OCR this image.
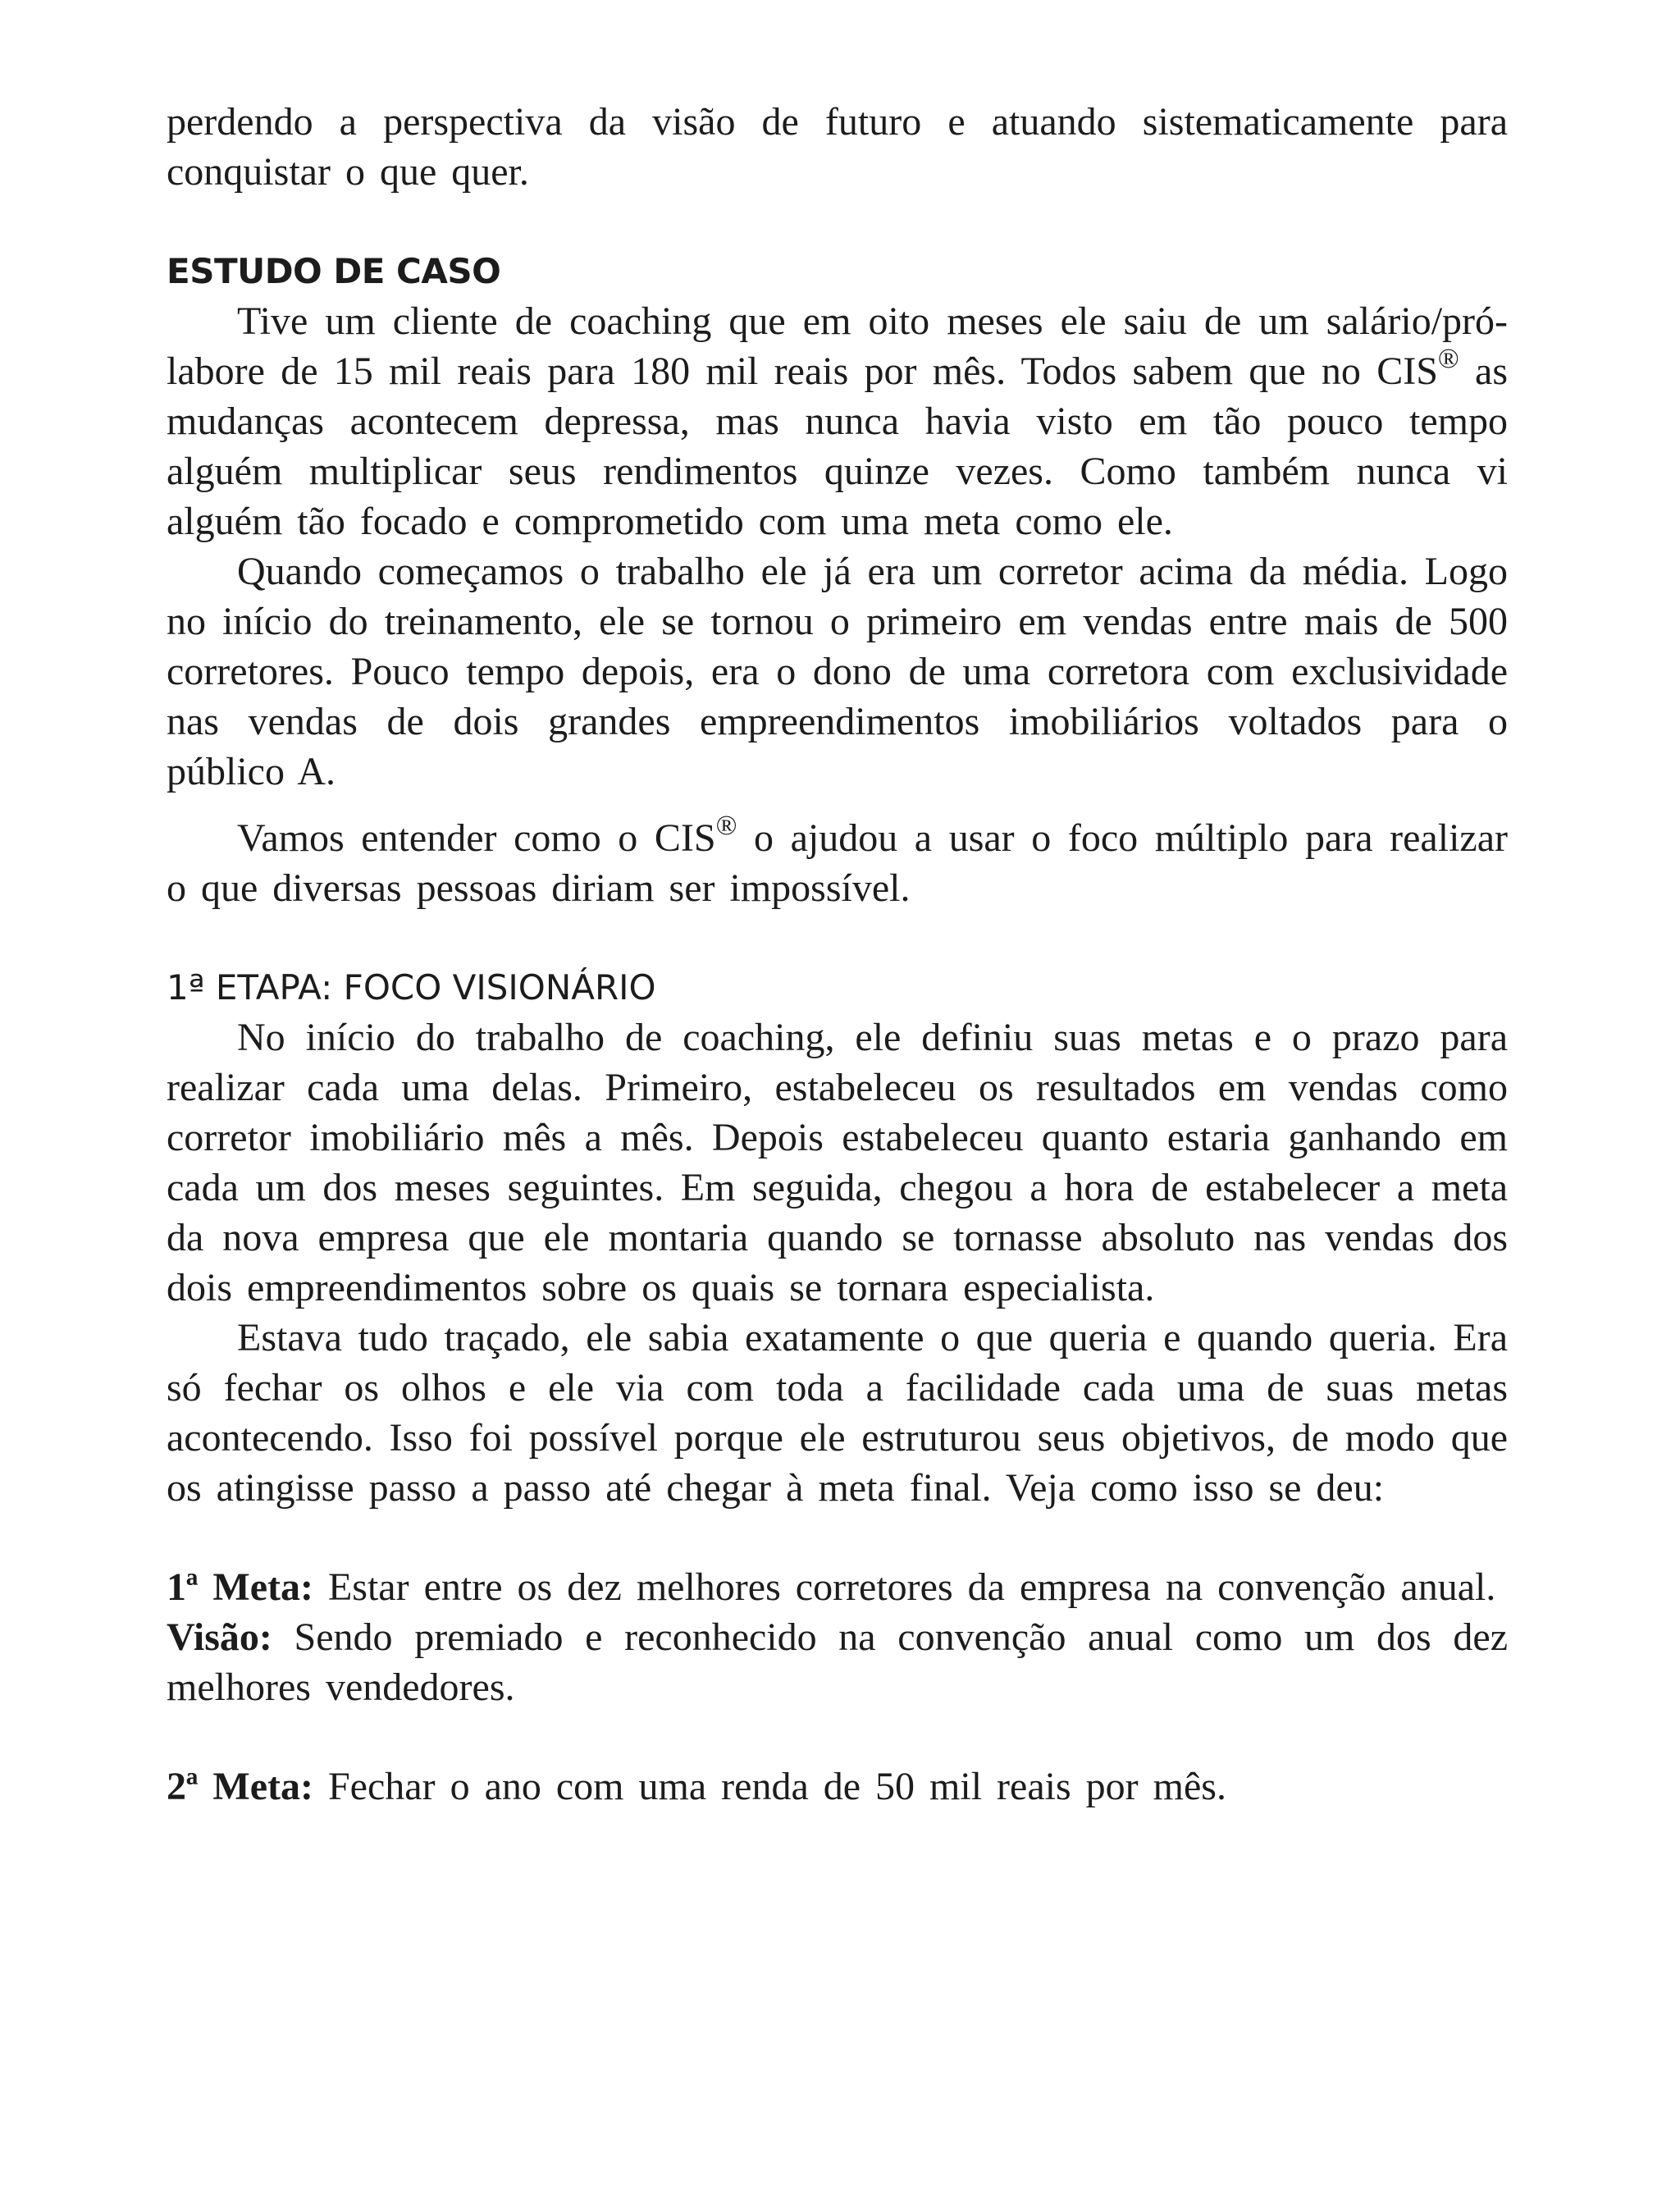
perdendo a perspectiva da visão de futuro e atuando sistematicamente para conquistar o que quer.

ESTUDO DE CASO

Tive um cliente de coaching que em oito meses ele saiu de um salário/pró-labore de 15 mil reais para 180 mil reais por mês. Todos sabem que no CIS® as mudanças acontecem depressa, mas nunca havia visto em tão pouco tempo alguém multiplicar seus rendimentos quinze vezes. Como também nunca vi alguém tão focado e comprometido com uma meta como ele.

Quando começamos o trabalho ele já era um corretor acima da média. Logo no início do treinamento, ele se tornou o primeiro em vendas entre mais de 500 corretores. Pouco tempo depois, era o dono de uma corretora com exclusividade nas vendas de dois grandes empreendimentos imobiliários voltados para o público A.

Vamos entender como o CIS® o ajudou a usar o foco múltiplo para realizar o que diversas pessoas diriam ser impossível.

1ª ETAPA: FOCO VISIONÁRIO

No início do trabalho de coaching, ele definiu suas metas e o prazo para realizar cada uma delas. Primeiro, estabeleceu os resultados em vendas como corretor imobiliário mês a mês. Depois estabeleceu quanto estaria ganhando em cada um dos meses seguintes. Em seguida, chegou a hora de estabelecer a meta da nova empresa que ele montaria quando se tornasse absoluto nas vendas dos dois empreendimentos sobre os quais se tornara especialista.

Estava tudo traçado, ele sabia exatamente o que queria e quando queria. Era só fechar os olhos e ele via com toda a facilidade cada uma de suas metas acontecendo. Isso foi possível porque ele estruturou seus objetivos, de modo que os atingisse passo a passo até chegar à meta final. Veja como isso se deu:

1ª Meta: Estar entre os dez melhores corretores da empresa na convenção anual.

Visão: Sendo premiado e reconhecido na convenção anual como um dos dez melhores vendedores.

2ª Meta: Fechar o ano com uma renda de 50 mil reais por mês.
